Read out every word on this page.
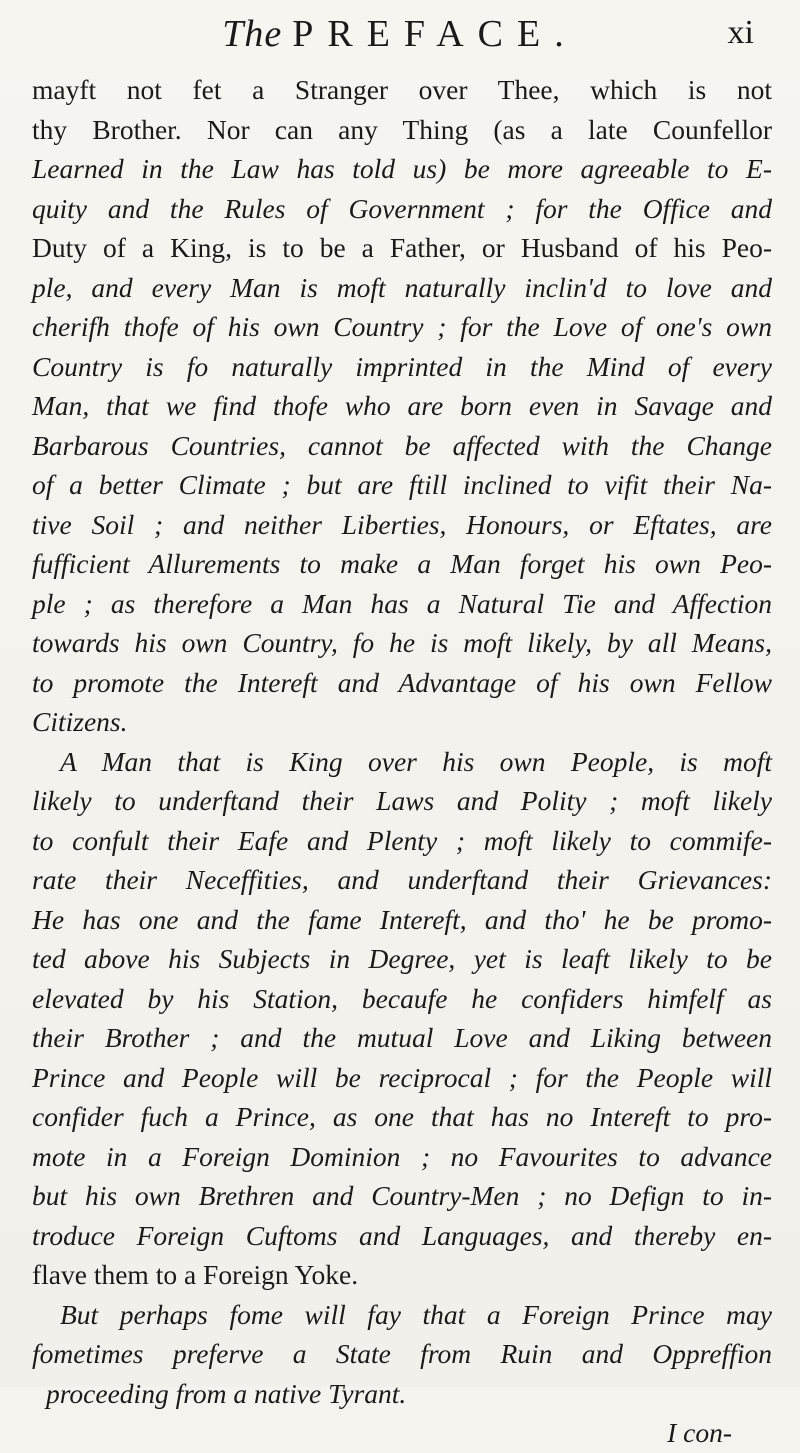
The PREFACE.	xi
mayft not fet a Stranger over Thee, which is not
thy Brother. Nor can any Thing (as a late Counfellor
Learned in the Law has told us) be more agreeable to E-
quity and the Rules of Government ; for the Office and
Duty of a King, is to be a Father, or Husband of his Peo-
ple, and every Man is moft naturally inclin'd to love and
cherifh thofe of his own Country ; for the Love of one's own
Country is fo naturally imprinted in the Mind of every
Man, that we find thofe who are born even in Savage and
Barbarous Countries, cannot be affected with the Change
of a better Climate ; but are ftill inclined to vifit their Na-
tive Soil ; and neither Liberties, Honours, or Eftates, are
fufficient Allurements to make a Man forget his own Peo-
ple ; as therefore a Man has a Natural Tie and Affection
towards his own Country, fo he is moft likely, by all Means,
to promote the Intereft and Advantage of his own Fellow
Citizens.
A Man that is King over his own People, is moft
likely to underftand their Laws and Polity ; moft likely
to confult their Eafe and Plenty ; moft likely to commife-
rate their Neceffities, and underftand their Grievances:
He has one and the fame Intereft, and tho' he be promo-
ted above his Subjects in Degree, yet is leaft likely to be
elevated by his Station, becaufe he confiders himfelf as
their Brother ; and the mutual Love and Liking between
Prince and People will be reciprocal ; for the People will
confider fuch a Prince, as one that has no Intereft to pro-
mote in a Foreign Dominion ; no Favourites to advance
but his own Brethren and Country-Men ; no Defign to in-
troduce Foreign Cuftoms and Languages, and thereby en-
flave them to a Foreign Yoke.
But perhaps fome will fay that a Foreign Prince may
fometimes preferve a State from Ruin and Oppreffion
proceeding from a native Tyrant.
I con-
